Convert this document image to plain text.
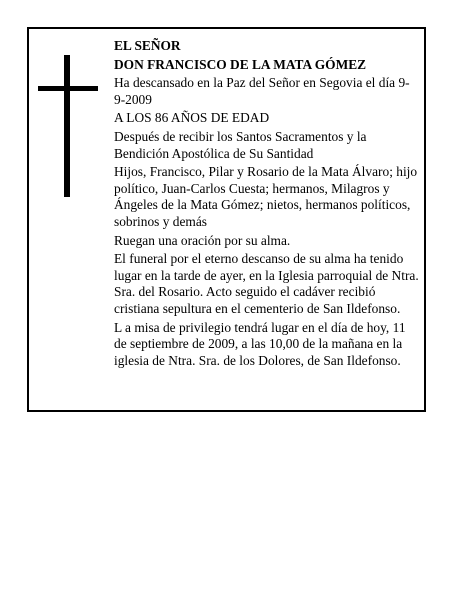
EL SEÑOR

DON FRANCISCO DE LA MATA GÓMEZ

Ha descansado en la Paz del Señor en Segovia el día 9-9-2009

A LOS 86 AÑOS DE EDAD

Después de recibir los Santos Sacramentos y la Bendición Apostólica de Su Santidad

Hijos, Francisco, Pilar y Rosario de la Mata Álvaro; hijo político, Juan-Carlos Cuesta; hermanos, Milagros y Ángeles de la Mata Gómez; nietos, hermanos políticos, sobrinos y demás

Ruegan una oración por su alma.

El funeral por el eterno descanso de su alma ha tenido lugar en la tarde de ayer, en la Iglesia parroquial de Ntra. Sra. del Rosario. Acto seguido el cadáver recibió cristiana sepultura en el cementerio de San Ildefonso.

L a misa de privilegio tendrá lugar en el día de hoy, 11 de septiembre de 2009, a las 10,00 de la mañana en la iglesia de Ntra. Sra. de los Dolores, de San Ildefonso.
